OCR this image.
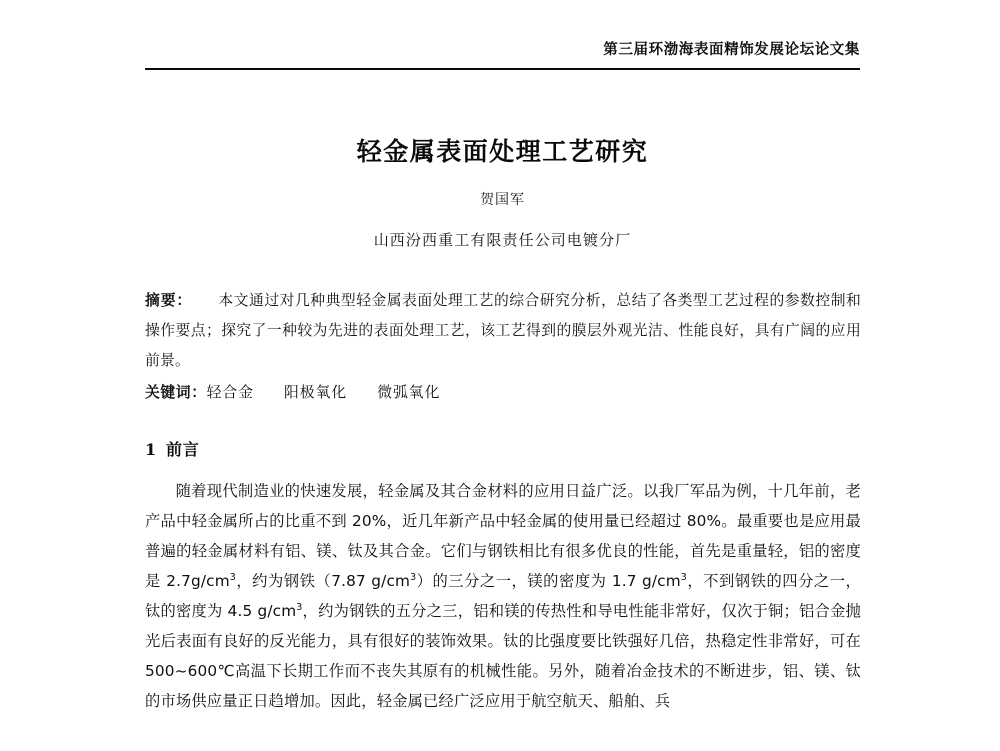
第三届环渤海表面精饰发展论坛论文集
轻金属表面处理工艺研究
贺国军
山西汾西重工有限责任公司电镀分厂
摘要： 本文通过对几种典型轻金属表面处理工艺的综合研究分析，总结了各类型工艺过程的参数控制和操作要点；探究了一种较为先进的表面处理工艺，该工艺得到的膜层外观光洁、性能良好，具有广阔的应用前景。
关键词：轻合金 阳极氧化 微弧氧化
1 前言
随着现代制造业的快速发展，轻金属及其合金材料的应用日益广泛。以我厂军品为例，十几年前，老产品中轻金属所占的比重不到 20%，近几年新产品中轻金属的使用量已经超过 80%。最重要也是应用最普遍的轻金属材料有铝、镁、钛及其合金。它们与钢铁相比有很多优良的性能，首先是重量轻，铝的密度是 $2.7g/cm^3$，约为钢铁（7.87 $g/cm^3$）的三分之一，镁的密度为 1.7 $g/cm^3$，不到钢铁的四分之一，钛的密度为 4.5 $g/cm^3$，约为钢铁的五分之三，铝和镁的传热性和导电性能非常好，仅次于铜；铝合金抛光后表面有良好的反光能力，具有很好的装饰效果。钛的比强度要比铁强好几倍，热稳定性非常好，可在 500~600℃高温下长期工作而不丧失其原有的机械性能。另外，随着冶金技术的不断进步，铝、镁、钛的市场供应量正日趋增加。因此，轻金属已经广泛应用于航空航天、船舶、兵
